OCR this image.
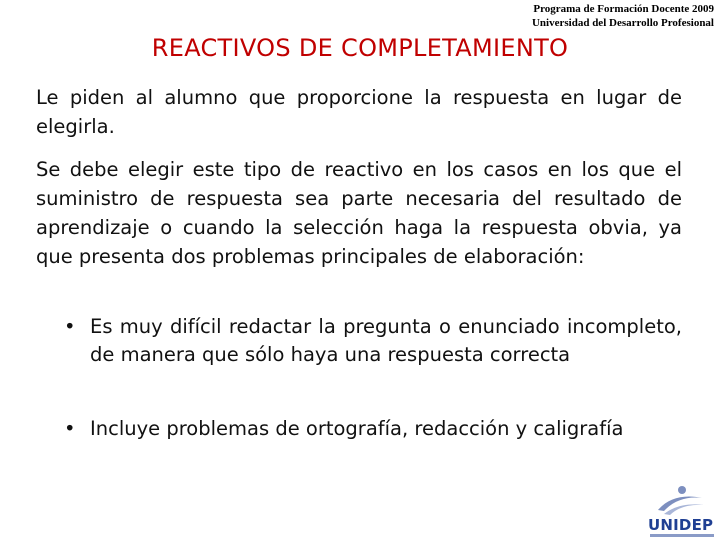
Programa de Formación Docente 2009
Universidad del Desarrollo Profesional
REACTIVOS DE COMPLETAMIENTO
Le piden al alumno que proporcione la respuesta en lugar de elegirla.
Se debe elegir este tipo de reactivo en los casos en los que el suministro de respuesta sea parte necesaria del resultado de aprendizaje o cuando la selección haga la respuesta obvia, ya que presenta dos problemas principales de elaboración:
• Es muy difícil redactar la pregunta o enunciado incompleto, de manera que sólo haya una respuesta correcta
• Incluye problemas de ortografía, redacción y caligrafía
UNIDEP
